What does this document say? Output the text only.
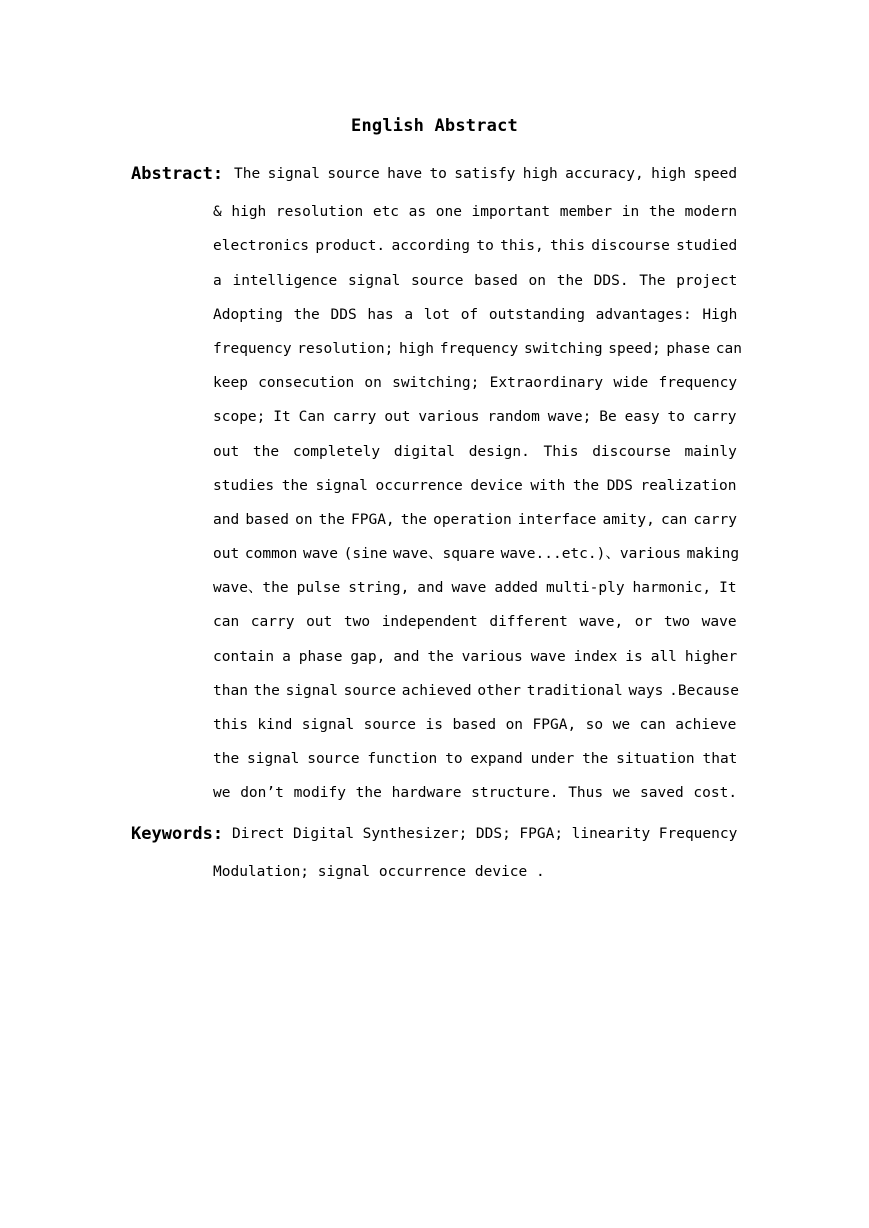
English Abstract
Abstract: The signal source have to satisfy high accuracy, high speed
& high resolution etc as one important member in the modern
electronics product. according to this, this discourse studied
a intelligence signal source based on the DDS. The project
Adopting the DDS has a lot of outstanding advantages: High
frequency resolution; high frequency switching speed; phase can
keep consecution on switching; Extraordinary wide frequency
scope; It Can carry out various random wave; Be easy to carry
out the completely digital design. This discourse mainly
studies the signal occurrence device with the DDS realization
and based on the FPGA, the operation interface amity, can carry
out common wave (sine wave、square wave...etc.)、various making
wave、the pulse string, and wave added multi-ply harmonic, It
can carry out two independent different wave, or two wave
contain a phase gap, and the various wave index is all higher
than the signal source achieved other traditional ways .Because
this kind signal source is based on FPGA, so we can achieve
the signal source function to expand under the situation that
we don’t modify the hardware structure. Thus we saved cost.
Keywords: Direct Digital Synthesizer; DDS; FPGA; linearity Frequency
Modulation; signal occurrence device .
